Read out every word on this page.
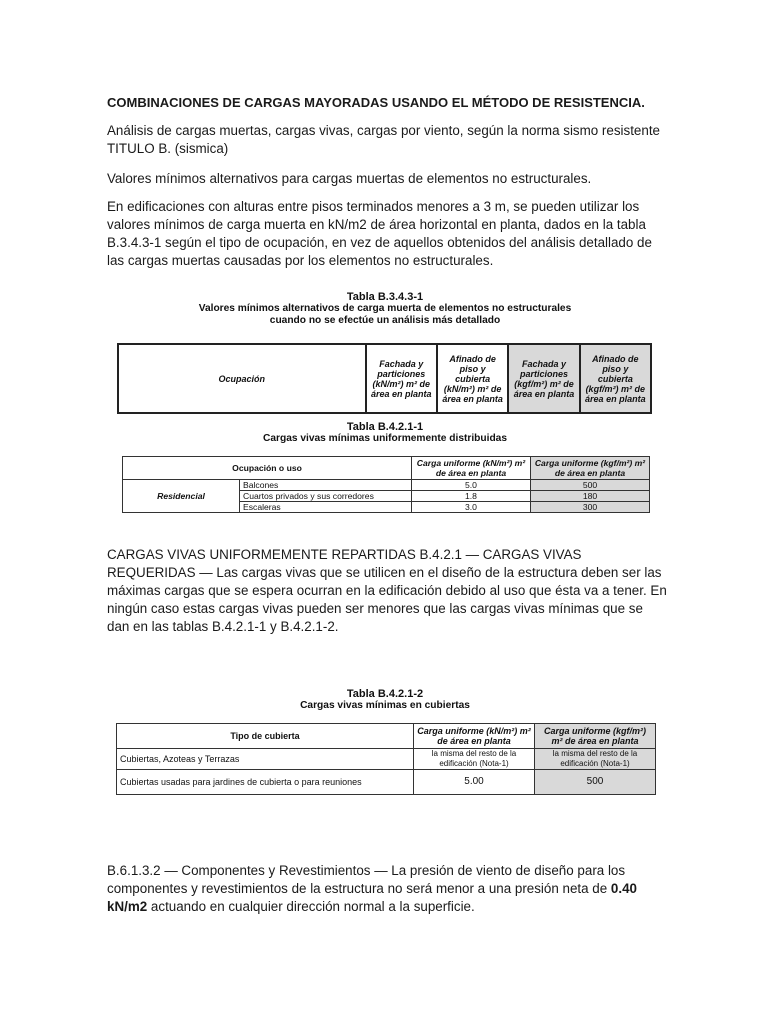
COMBINACIONES DE CARGAS MAYORADAS USANDO EL MÉTODO DE RESISTENCIA.

Análisis de cargas muertas, cargas vivas, cargas por viento, según la norma sismo resistente TITULO B. (sismica)

Valores mínimos alternativos para cargas muertas de elementos no estructurales.

En edificaciones con alturas entre pisos terminados menores a 3 m, se pueden utilizar los valores mínimos de carga muerta en kN/m2 de área horizontal en planta, dados en la tabla B.3.4.3-1 según el tipo de ocupación, en vez de aquellos obtenidos del análisis detallado de las cargas muertas causadas por los elementos no estructurales.

Tabla B.3.4.3-1
Valores mínimos alternativos de carga muerta de elementos no estructurales
cuando no se efectúe un análisis más detallado
Ocupación	Fachada y particiones (kN/m²) m² de área en planta	Afinado de piso y cubierta (kN/m²) m² de área en planta	Fachada y particiones (kgf/m²) m² de área en planta	Afinado de piso y cubierta (kgf/m²) m² de área en planta
Tabla B.4.2.1-1
Cargas vivas mínimas uniformemente distribuidas
Ocupación o uso		Carga uniforme (kN/m²) m² de área en planta	Carga uniforme (kgf/m²) m² de área en planta
Residencial	Balcones	5.0	500
	Cuartos privados y sus corredores	1.8	180
	Escaleras	3.0	300

CARGAS VIVAS UNIFORMEMENTE REPARTIDAS B.4.2.1 — CARGAS VIVAS REQUERIDAS — Las cargas vivas que se utilicen en el diseño de la estructura deben ser las máximas cargas que se espera ocurran en la edificación debido al uso que ésta va a tener. En ningún caso estas cargas vivas pueden ser menores que las cargas vivas mínimas que se dan en las tablas B.4.2.1-1 y B.4.2.1-2.

Tabla B.4.2.1-2
Cargas vivas mínimas en cubiertas
Tipo de cubierta	Carga uniforme (kN/m²) m² de área en planta	Carga uniforme (kgf/m²) m² de área en planta
Cubiertas, Azoteas y Terrazas	la misma del resto de la edificación (Nota-1)	la misma del resto de la edificación (Nota-1)
Cubiertas usadas para jardines de cubierta o para reuniones	5.00	500

B.6.1.3.2 — Componentes y Revestimientos — La presión de viento de diseño para los componentes y revestimientos de la estructura no será menor a una presión neta de 0.40 kN/m2 actuando en cualquier dirección normal a la superficie.
